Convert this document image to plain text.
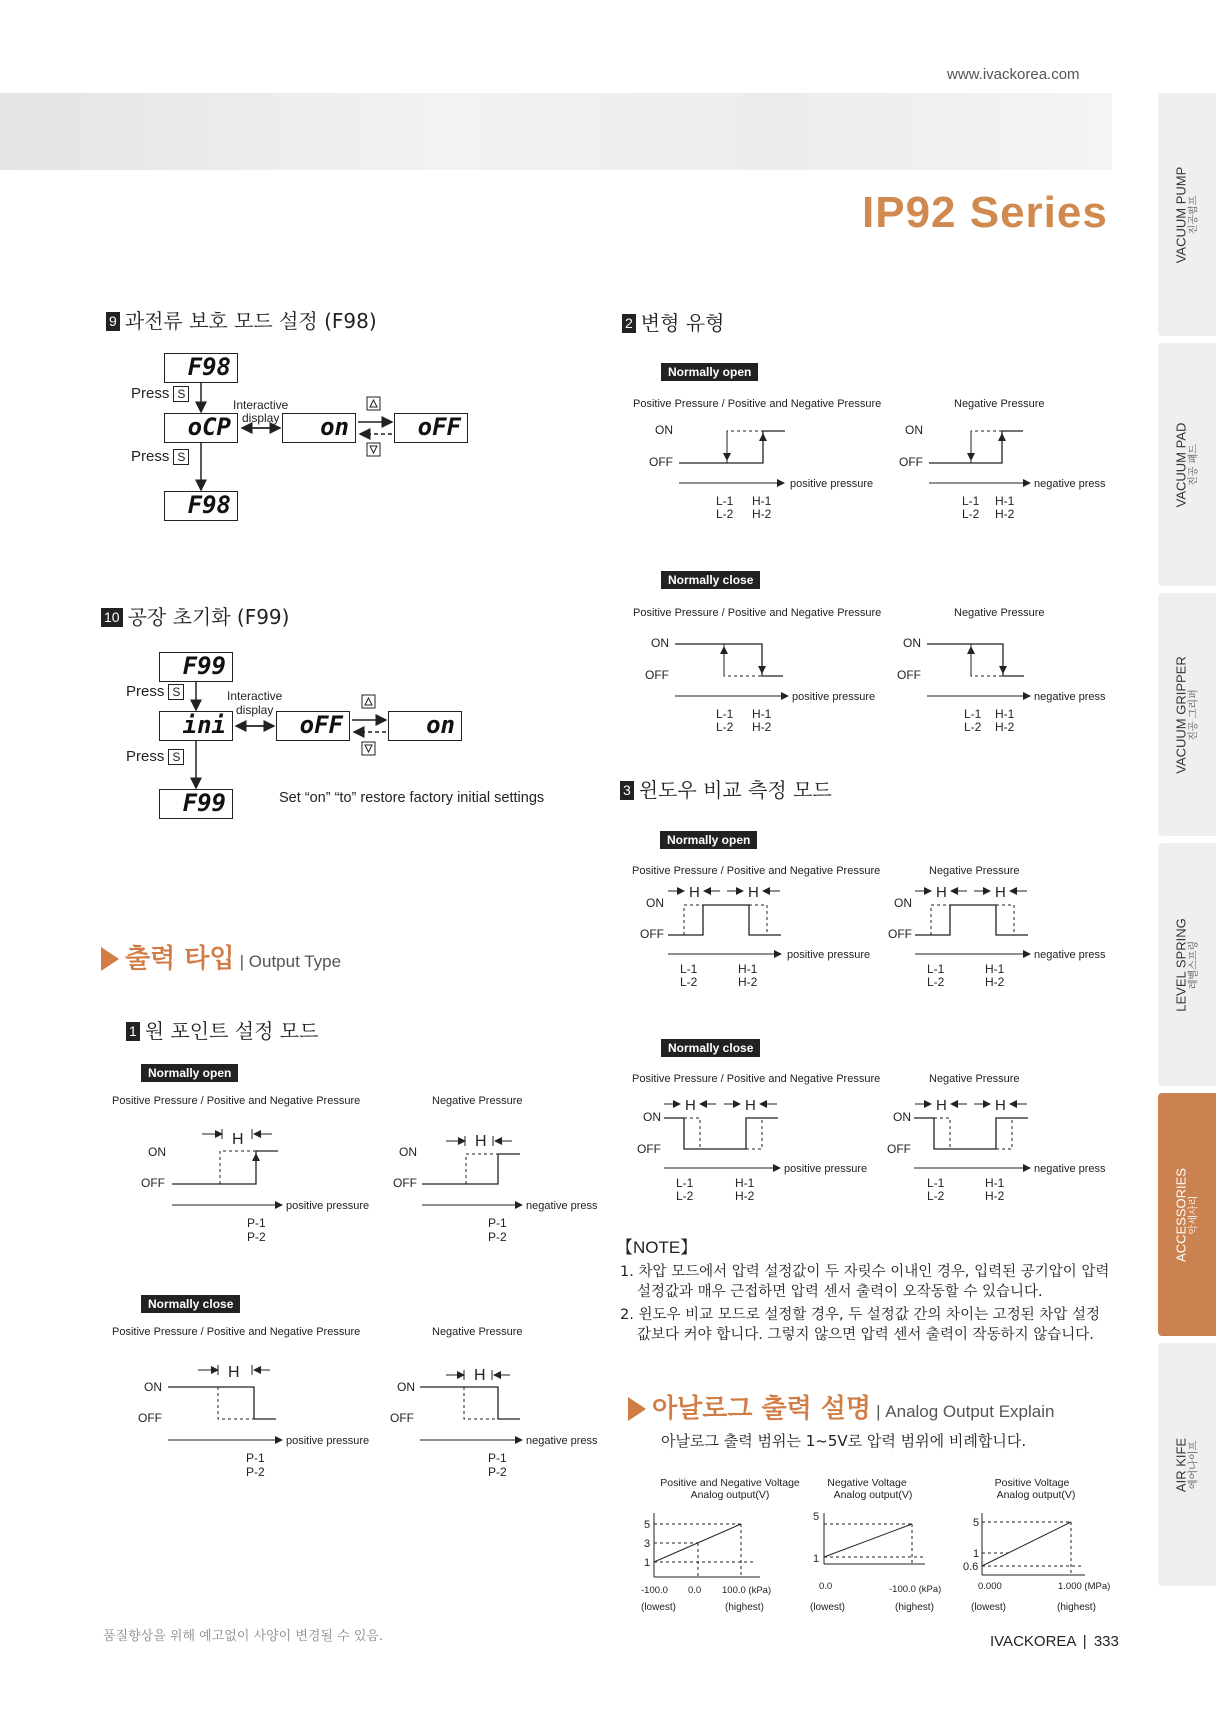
www.ivackorea.com
IP92 Series	VACUUM PUMP 진공펌프
VACUUM PAD 진공 패드
VACUUM GRIPPER 진공 그리퍼
LEVEL SPRING 레벨스프링
ACCESSORIES 악세사리
AIR KIFE 에어나이프
9 과전류 보호 모드 설정 (F98)
F98
oCP	on	oFF
F98
Press S
Press S
Interactive
display
10 공장 초기화 (F99)
F99
ini	oFF	on
F99
Press S
Press S
Interactive
display
Set “on” “to” restore factory initial settings
출력 타입 | Output Type
1 원 포인트 설정 모드
Normally open
Normally close
Positive Pressure / Positive and Negative Pressure	Negative Pressure
Positive Pressure / Positive and Negative Pressure	Negative Pressure
ON
OFF
H
positive pressure
P-1
P-2
ON
OFF
H
negative press
P-1
P-2
ON
OFF
H
positive pressure
P-1
P-2
ON
OFF
H
negative press
P-1
P-2
2 변형 유형
Normally open
Normally close
Positive Pressure / Positive and Negative Pressure	Negative Pressure
Positive Pressure / Positive and Negative Pressure	Negative Pressure
ON
OFF
positive pressure
L-1
L-2
H-1
H-2
ON
OFF
negative press
L-1
L-2
H-1
H-2
ON
OFF
positive pressure
L-1
L-2
H-1
H-2
ON
OFF
negative press
L-1
L-2
H-1
H-2
3 윈도우 비교 측정 모드
Normally open
Normally close
Positive Pressure / Positive and Negative Pressure	Negative Pressure
Positive Pressure / Positive and Negative Pressure	Negative Pressure
ON
OFF
H	H
positive pressure
L-1
L-2
H-1
H-2
ON
OFF
H	H
negative press
L-1
L-2
H-1
H-2
ON
OFF
H	H
positive pressure
L-1
L-2
H-1
H-2
ON
OFF
H	H
negative press
L-1
L-2
H-1
H-2
【NOTE】
1. 차압 모드에서 압력 설정값이 두 자릿수 이내인 경우, 입력된 공기압이 압력
설정값과 매우 근접하면 압력 센서 출력이 오작동할 수 있습니다.
2. 윈도우 비교 모드로 설정할 경우, 두 설정값 간의 차이는 고정된 차압 설정
값보다 커야 합니다. 그렇지 않으면 압력 센서 출력이 작동하지 않습니다.
아날로그 출력 설명 | Analog Output Explain
아날로그 출력 범위는 1~5V로 압력 범위에 비례합니다.
Positive and Negative Voltage
Analog output(V)
5
3
1
-100.0 0.0 100.0 (kPa)
(lowest)	(highest)
Negative Voltage
Analog output(V)
5
1
0.0	-100.0 (kPa)
(lowest)	(highest)
Positive Voltage
Analog output(V)
5
1
0.6
0.000	1.000 (MPa)
(lowest)	(highest)
품질향상을 위해 예고없이 사양이 변경될 수 있음.	IVACKOREA | 333
